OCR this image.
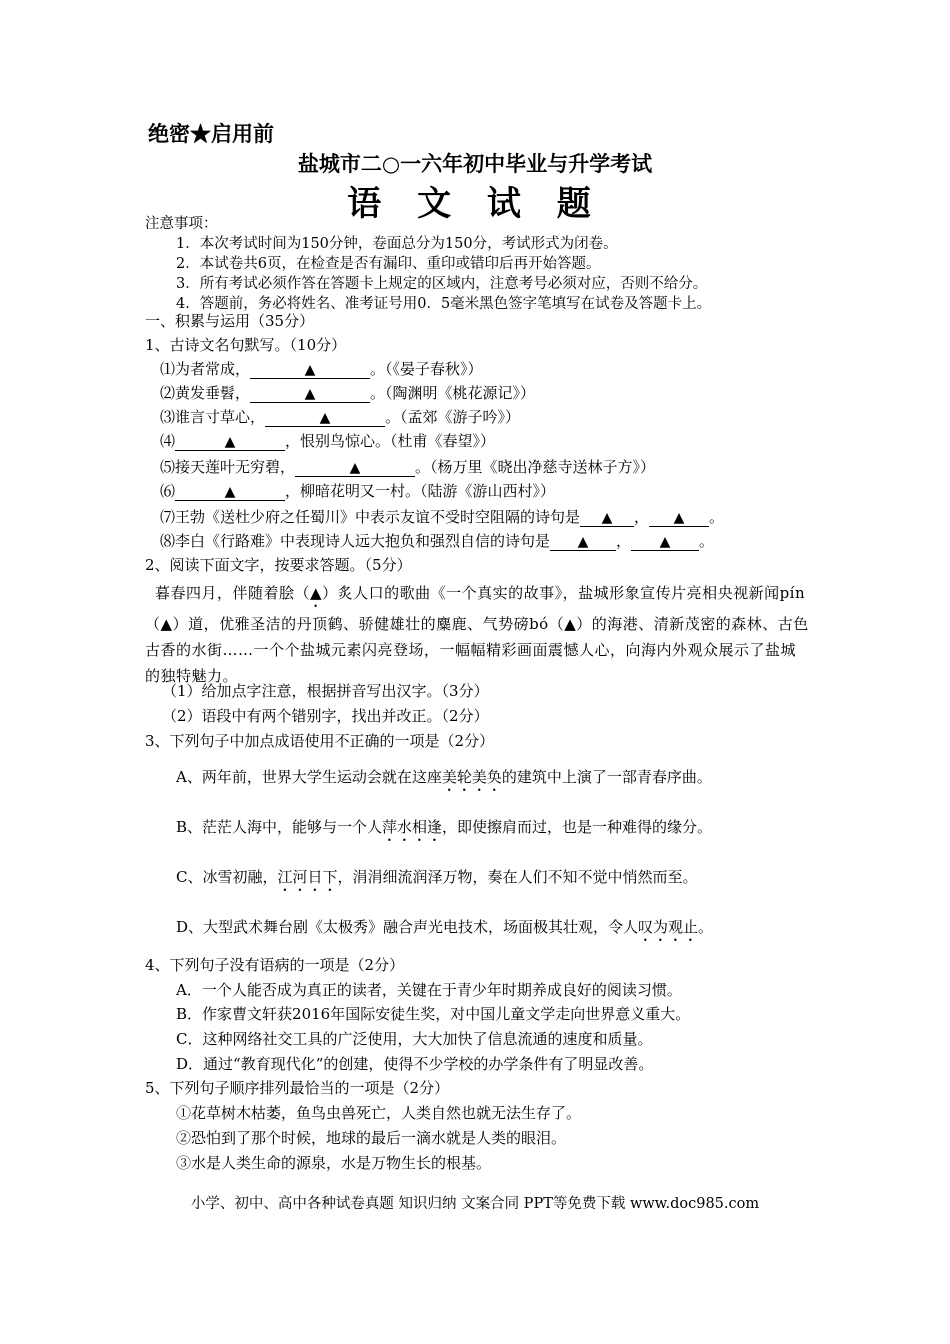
绝密★启用前
盐城市二○一六年初中毕业与升学考试
语 文 试 题
注意事项：
1．本次考试时间为150分钟，卷面总分为150分，考试形式为闭卷。
2．本试卷共6页，在检查是否有漏印、重印或错印后再开始答题。
3．所有考试必须作答在答题卡上规定的区域内，注意考号必须对应，否则不给分。
4．答题前，务必将姓名、准考证号用0．5毫米黑色签字笔填写在试卷及答题卡上。
一、积累与运用（35分）
1、古诗文名句默写。（10分）
⑴为者常成，	▲	。（《晏子春秋》）
⑵黄发垂髫，	▲	。（陶渊明《桃花源记》）
⑶谁言寸草心，	▲	。（孟郊《游子吟》）
⑷	▲	，恨别鸟惊心。（杜甫《春望》）
⑸接天莲叶无穷碧，	▲	。（杨万里《晓出净慈寺送林子方》）
⑹	▲	，柳暗花明又一村。（陆游《游山西村》）
⑺王勃《送杜少府之任蜀川》中表示友谊不受时空阻隔的诗句是 ▲ ， ▲ 。
⑻李白《行路难》中表现诗人远大抱负和强烈自信的诗句是 ▲ ， ▲ 。
2、阅读下面文字，按要求答题。（5分）
暮春四月，伴随着脍（▲）炙人口的歌曲《一个真实的故事》，盐城形象宣传片亮相央视新闻pín（▲）道，优雅圣洁的丹顶鹤、骄健雄壮的麋鹿、气势磅bó（▲）的海港、清新茂密的森林、古色古香的水街……一个个盐城元素闪亮登场，一幅幅精彩画面震憾人心，向海内外观众展示了盐城的独特魅力。
（1）给加点字注意，根据拼音写出汉字。（3分）
（2）语段中有两个错别字，找出并改正。（2分）
3、下列句子中加点成语使用不正确的一项是（2分）
A、两年前，世界大学生运动会就在这座美轮美奂的建筑中上演了一部青春序曲。
B、茫茫人海中，能够与一个人萍水相逢，即使擦肩而过，也是一种难得的缘分。
C、冰雪初融，江河日下，涓涓细流润泽万物，奏在人们不知不觉中悄然而至。
D、大型武术舞台剧《太极秀》融合声光电技术，场面极其壮观，令人叹为观止。
4、下列句子没有语病的一项是（2分）
A．一个人能否成为真正的读者，关键在于青少年时期养成良好的阅读习惯。
B．作家曹文轩获2016年国际安徒生奖，对中国儿童文学走向世界意义重大。
C．这种网络社交工具的广泛使用，大大加快了信息流通的速度和质量。
D．通过“教育现代化”的创建，使得不少学校的办学条件有了明显改善。
5、下列句子顺序排列最恰当的一项是（2分）
①花草树木枯萎，鱼鸟虫兽死亡，人类自然也就无法生存了。
②恐怕到了那个时候，地球的最后一滴水就是人类的眼泪。
③水是人类生命的源泉，水是万物生长的根基。
小学、初中、高中各种试卷真题 知识归纳 文案合同 PPT等免费下载 www.doc985.com
